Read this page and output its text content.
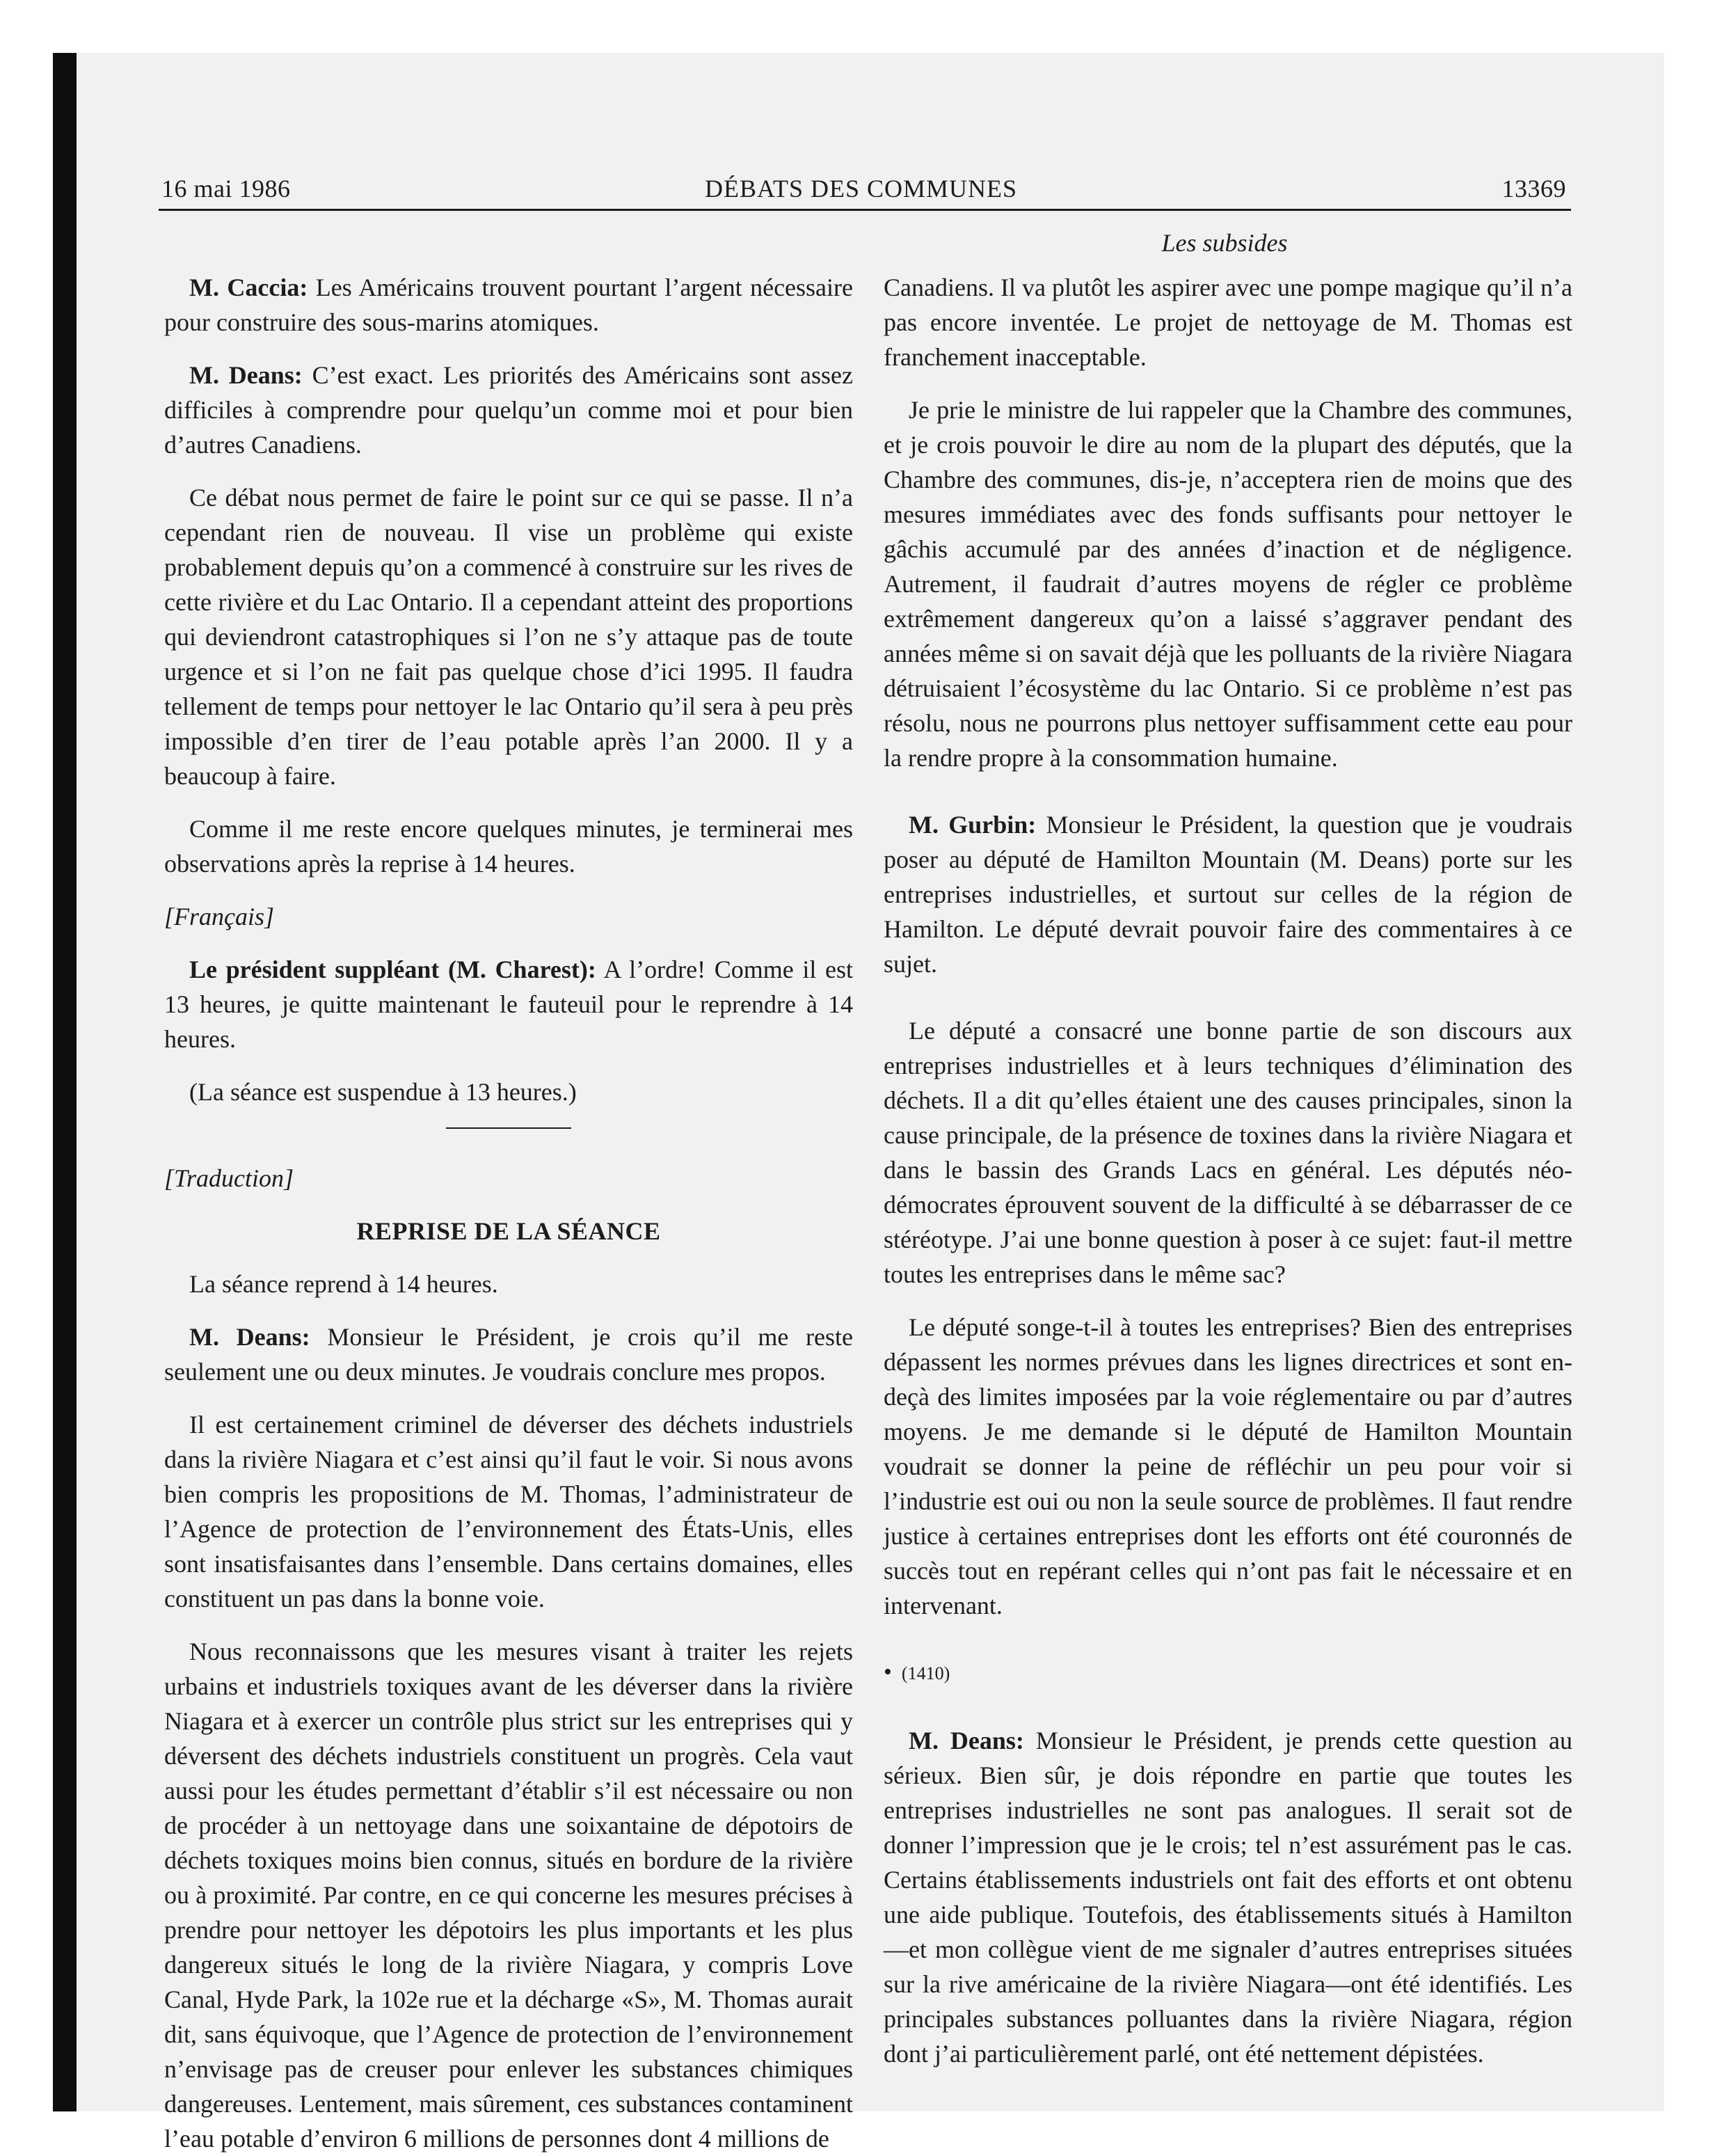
16 mai 1986	DÉBATS DES COMMUNES	13369
Les subsides

M. Caccia: Les Américains trouvent pourtant l’argent nécessaire pour construire des sous-marins atomiques.

M. Deans: C’est exact. Les priorités des Américains sont assez difficiles à comprendre pour quelqu’un comme moi et pour bien d’autres Canadiens.

Ce débat nous permet de faire le point sur ce qui se passe. Il n’a cependant rien de nouveau. Il vise un problème qui existe probablement depuis qu’on a commencé à construire sur les rives de cette rivière et du Lac Ontario. Il a cependant atteint des proportions qui deviendront catastrophiques si l’on ne s’y attaque pas de toute urgence et si l’on ne fait pas quelque chose d’ici 1995. Il faudra tellement de temps pour nettoyer le lac Ontario qu’il sera à peu près impossible d’en tirer de l’eau potable après l’an 2000. Il y a beaucoup à faire.

Comme il me reste encore quelques minutes, je terminerai mes observations après la reprise à 14 heures.

[Français]

Le président suppléant (M. Charest): A l’ordre! Comme il est 13 heures, je quitte maintenant le fauteuil pour le reprendre à 14 heures.

(La séance est suspendue à 13 heures.)

[Traduction]

REPRISE DE LA SÉANCE

La séance reprend à 14 heures.

M. Deans: Monsieur le Président, je crois qu’il me reste seulement une ou deux minutes. Je voudrais conclure mes propos.

Il est certainement criminel de déverser des déchets industriels dans la rivière Niagara et c’est ainsi qu’il faut le voir. Si nous avons bien compris les propositions de M. Thomas, l’administrateur de l’Agence de protection de l’environnement des États-Unis, elles sont insatisfaisantes dans l’ensemble. Dans certains domaines, elles constituent un pas dans la bonne voie.

Nous reconnaissons que les mesures visant à traiter les rejets urbains et industriels toxiques avant de les déverser dans la rivière Niagara et à exercer un contrôle plus strict sur les entreprises qui y déversent des déchets industriels constituent un progrès. Cela vaut aussi pour les études permettant d’établir s’il est nécessaire ou non de procéder à un nettoyage dans une soixantaine de dépotoirs de déchets toxiques moins bien connus, situés en bordure de la rivière ou à proximité. Par contre, en ce qui concerne les mesures précises à prendre pour nettoyer les dépotoirs les plus importants et les plus dangereux situés le long de la rivière Niagara, y compris Love Canal, Hyde Park, la 102e rue et la décharge «S», M. Thomas aurait dit, sans équivoque, que l’Agence de protection de l’environnement n’envisage pas de creuser pour enlever les substances chimiques dangereuses. Lentement, mais sûrement, ces substances contaminent l’eau potable d’environ 6 millions de personnes dont 4 millions de

Canadiens. Il va plutôt les aspirer avec une pompe magique qu’il n’a pas encore inventée. Le projet de nettoyage de M. Thomas est franchement inacceptable.

Je prie le ministre de lui rappeler que la Chambre des communes, et je crois pouvoir le dire au nom de la plupart des députés, que la Chambre des communes, dis-je, n’acceptera rien de moins que des mesures immédiates avec des fonds suffisants pour nettoyer le gâchis accumulé par des années d’inaction et de négligence. Autrement, il faudrait d’autres moyens de régler ce problème extrêmement dangereux qu’on a laissé s’aggraver pendant des années même si on savait déjà que les polluants de la rivière Niagara détruisaient l’écosystème du lac Ontario. Si ce problème n’est pas résolu, nous ne pourrons plus nettoyer suffisamment cette eau pour la rendre propre à la consommation humaine.

M. Gurbin: Monsieur le Président, la question que je voudrais poser au député de Hamilton Mountain (M. Deans) porte sur les entreprises industrielles, et surtout sur celles de la région de Hamilton. Le député devrait pouvoir faire des commentaires à ce sujet.

Le député a consacré une bonne partie de son discours aux entreprises industrielles et à leurs techniques d’élimination des déchets. Il a dit qu’elles étaient une des causes principales, sinon la cause principale, de la présence de toxines dans la rivière Niagara et dans le bassin des Grands Lacs en général. Les députés néo-démocrates éprouvent souvent de la difficulté à se débarrasser de ce stéréotype. J’ai une bonne question à poser à ce sujet: faut-il mettre toutes les entreprises dans le même sac?

Le député songe-t-il à toutes les entreprises? Bien des entreprises dépassent les normes prévues dans les lignes directrices et sont en-deçà des limites imposées par la voie réglementaire ou par d’autres moyens. Je me demande si le député de Hamilton Mountain voudrait se donner la peine de réfléchir un peu pour voir si l’industrie est oui ou non la seule source de problèmes. Il faut rendre justice à certaines entreprises dont les efforts ont été couronnés de succès tout en repérant celles qui n’ont pas fait le nécessaire et en intervenant.

• (1410)

M. Deans: Monsieur le Président, je prends cette question au sérieux. Bien sûr, je dois répondre en partie que toutes les entreprises industrielles ne sont pas analogues. Il serait sot de donner l’impression que je le crois; tel n’est assurément pas le cas. Certains établissements industriels ont fait des efforts et ont obtenu une aide publique. Toutefois, des établissements situés à Hamilton—et mon collègue vient de me signaler d’autres entreprises situées sur la rive américaine de la rivière Niagara—ont été identifiés. Les principales substances polluantes dans la rivière Niagara, région dont j’ai particulièrement parlé, ont été nettement dépistées.
